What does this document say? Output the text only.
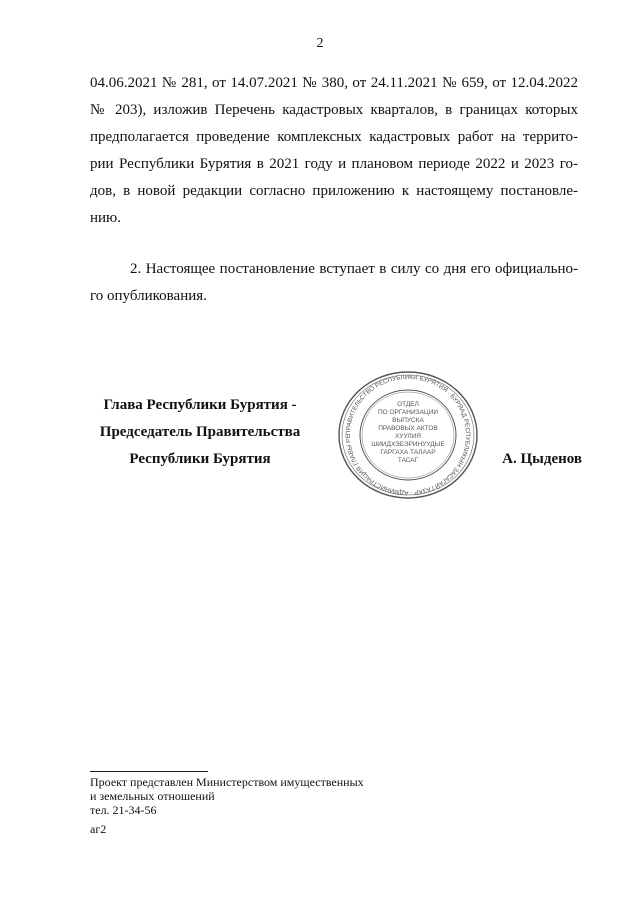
2
04.06.2021 № 281, от 14.07.2021 № 380, от 24.11.2021 № 659, от 12.04.2022
№ 203), изложив Перечень кадастровых кварталов, в границах которых
предполагается проведение комплексных кадастровых работ на террито-
рии Республики Бурятия в 2021 году и плановом периоде 2022 и 2023 го-
дов, в новой редакции согласно приложению к настоящему постановле-
нию.
2. Настоящее постановление вступает в силу со дня его официально-
го опубликования.
Глава Республики Бурятия -
Председатель Правительства
Республики Бурятия
ПРАВИТЕЛЬСТВО РЕСПУБЛИКИ БУРЯТИЯ · БУРЯАД РЕСПУБЛИКЫН ЗАСАГАЙ ГАЗАР · АДМИНИСТРАЦИЯ ГЛАВЫ РЕ
ОТДЕЛ
ПО ОРГАНИЗАЦИИ
ВЫПУСКА
ПРАВОВЫХ АКТОВ
ХУУЛИЯ
ШИИДХЭБЭРИНУУДЫЕ
ГАРГАХА ТАЛААР
ТАСАГ	А. Цыденов
Проект представлен Министерством имущественных
и земельных отношений
тел. 21-34-56
аг2
